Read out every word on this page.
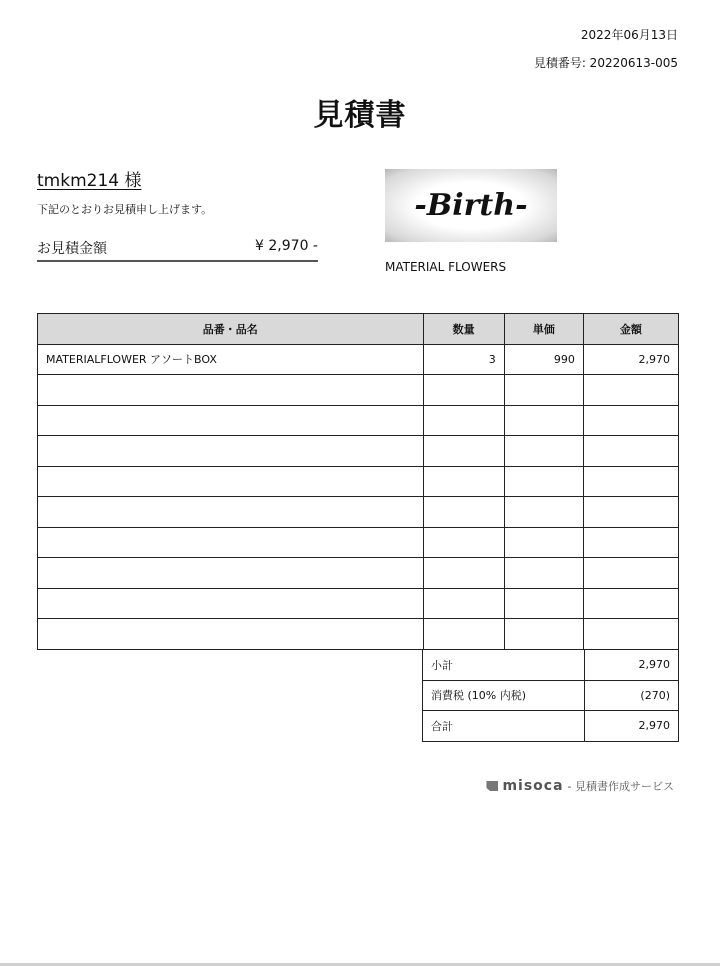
2022年06月13日
見積番号: 20220613-005
見積書
tmkm214 様
下記のとおりお見積申し上げます。
お見積金額	¥ 2,970 -
-Birth-
MATERIAL FLOWERS
品番・品名	数量	単価	金額
MATERIALFLOWER アソートBOX	3	990	2,970

小計	2,970
消費税 (10% 内税)	(270)
合計	2,970
misoca - 見積書作成サービス
